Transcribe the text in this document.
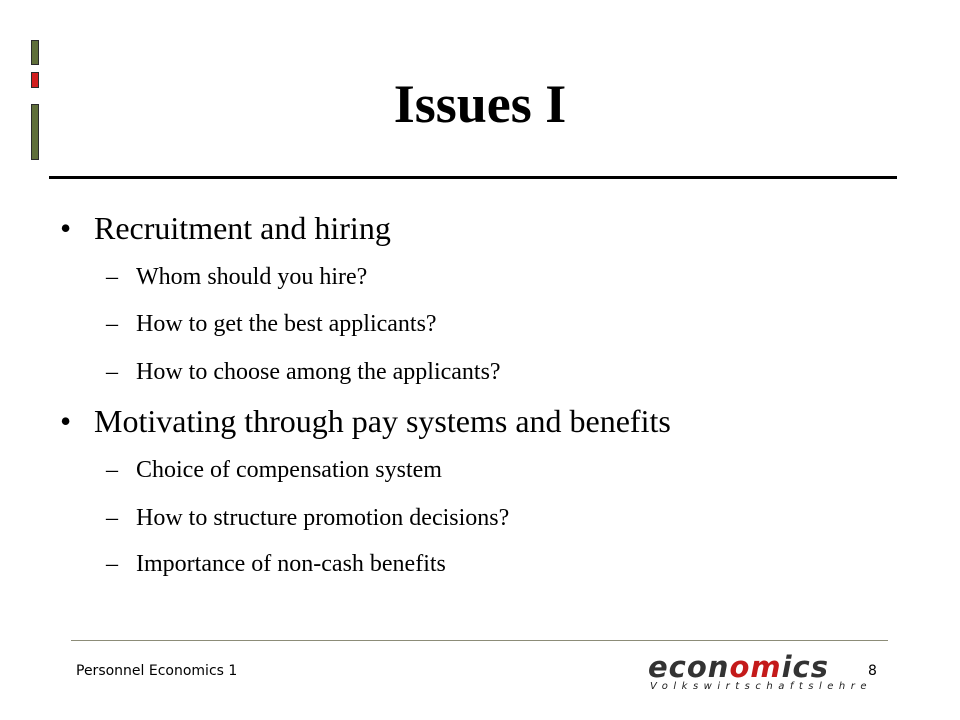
Issues I
• Recruitment and hiring
– Whom should you hire?
– How to get the best applicants?
– How to choose among the applicants?
• Motivating through pay systems and benefits
– Choice of compensation system
– How to structure promotion decisions?
– Importance of non-cash benefits
Personnel Economics 1	economics
Volkswirtschaftslehre
8
